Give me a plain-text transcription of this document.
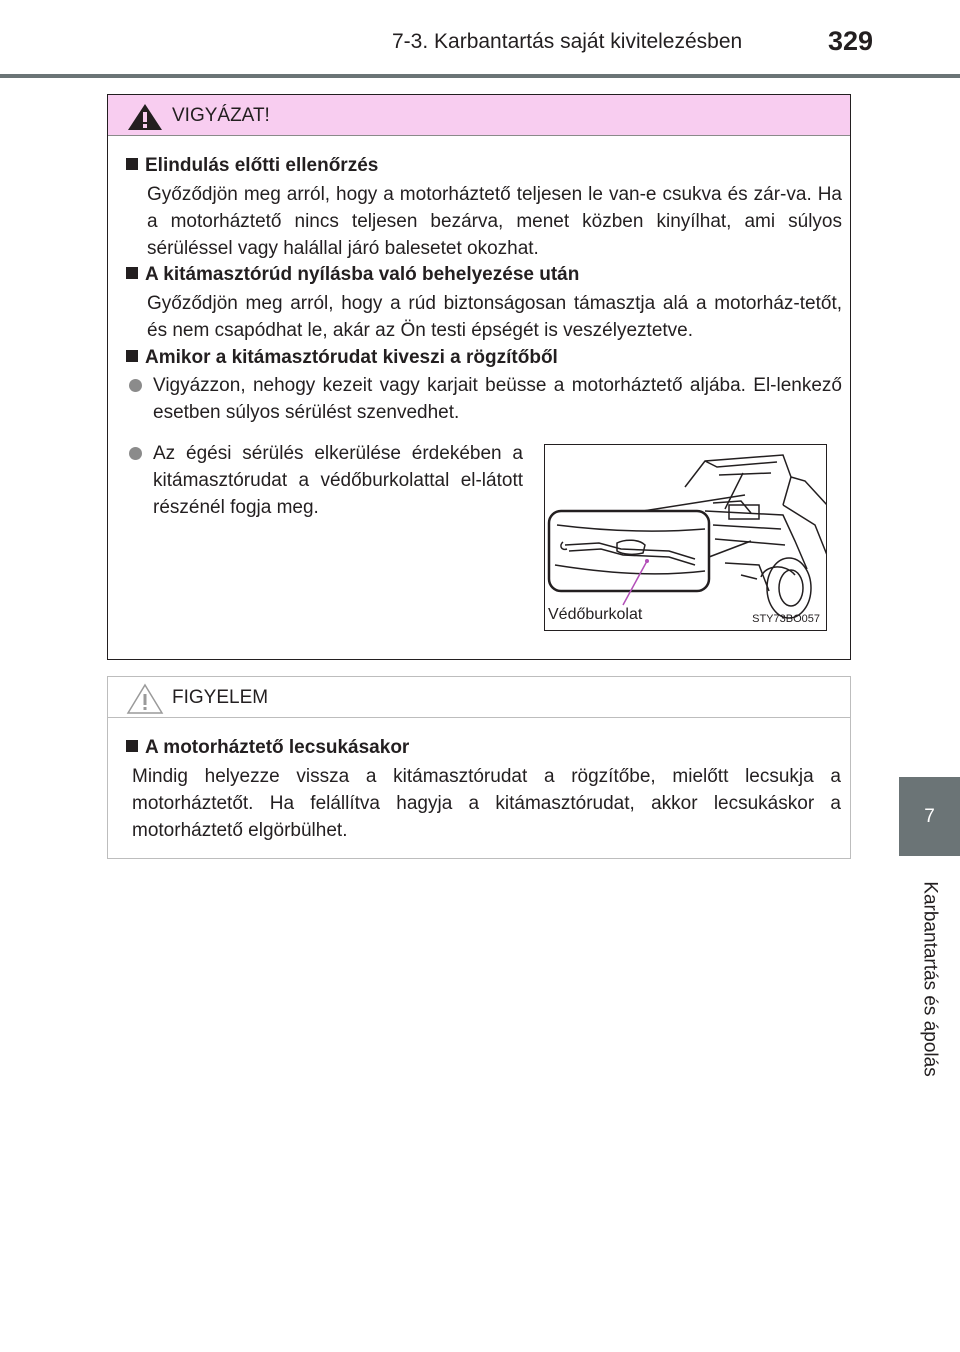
7-3. Karbantartás saját kivitelezésben	329
7
Karbantartás és ápolás
VIGYÁZAT!
Elindulás előtti ellenőrzés
Győződjön meg arról, hogy a motorháztető teljesen le van-e csukva és zár-va. Ha a motorháztető nincs teljesen bezárva, menet közben kinyílhat, ami súlyos sérüléssel vagy halállal járó balesetet okozhat.
A kitámasztórúd nyílásba való behelyezése után
Győződjön meg arról, hogy a rúd biztonságosan támasztja alá a motorház-tetőt, és nem csapódhat le, akár az Ön testi épségét is veszélyeztetve.
Amikor a kitámasztórudat kiveszi a rögzítőből
Vigyázzon, nehogy kezeit vagy karjait beüsse a motorháztető aljába. El-lenkező esetben súlyos sérülést szenvedhet.
Az égési sérülés elkerülése érdekében a kitámasztórudat a védőburkolattal el-látott részénél fogja meg.
Védőburkolat	STY73BO057
FIGYELEM
A motorháztető lecsukásakor
Mindig helyezze vissza a kitámasztórudat a rögzítőbe, mielőtt lecsukja a motorháztetőt. Ha felállítva hagyja a kitámasztórudat, akkor lecsukáskor a motorháztető elgörbülhet.
